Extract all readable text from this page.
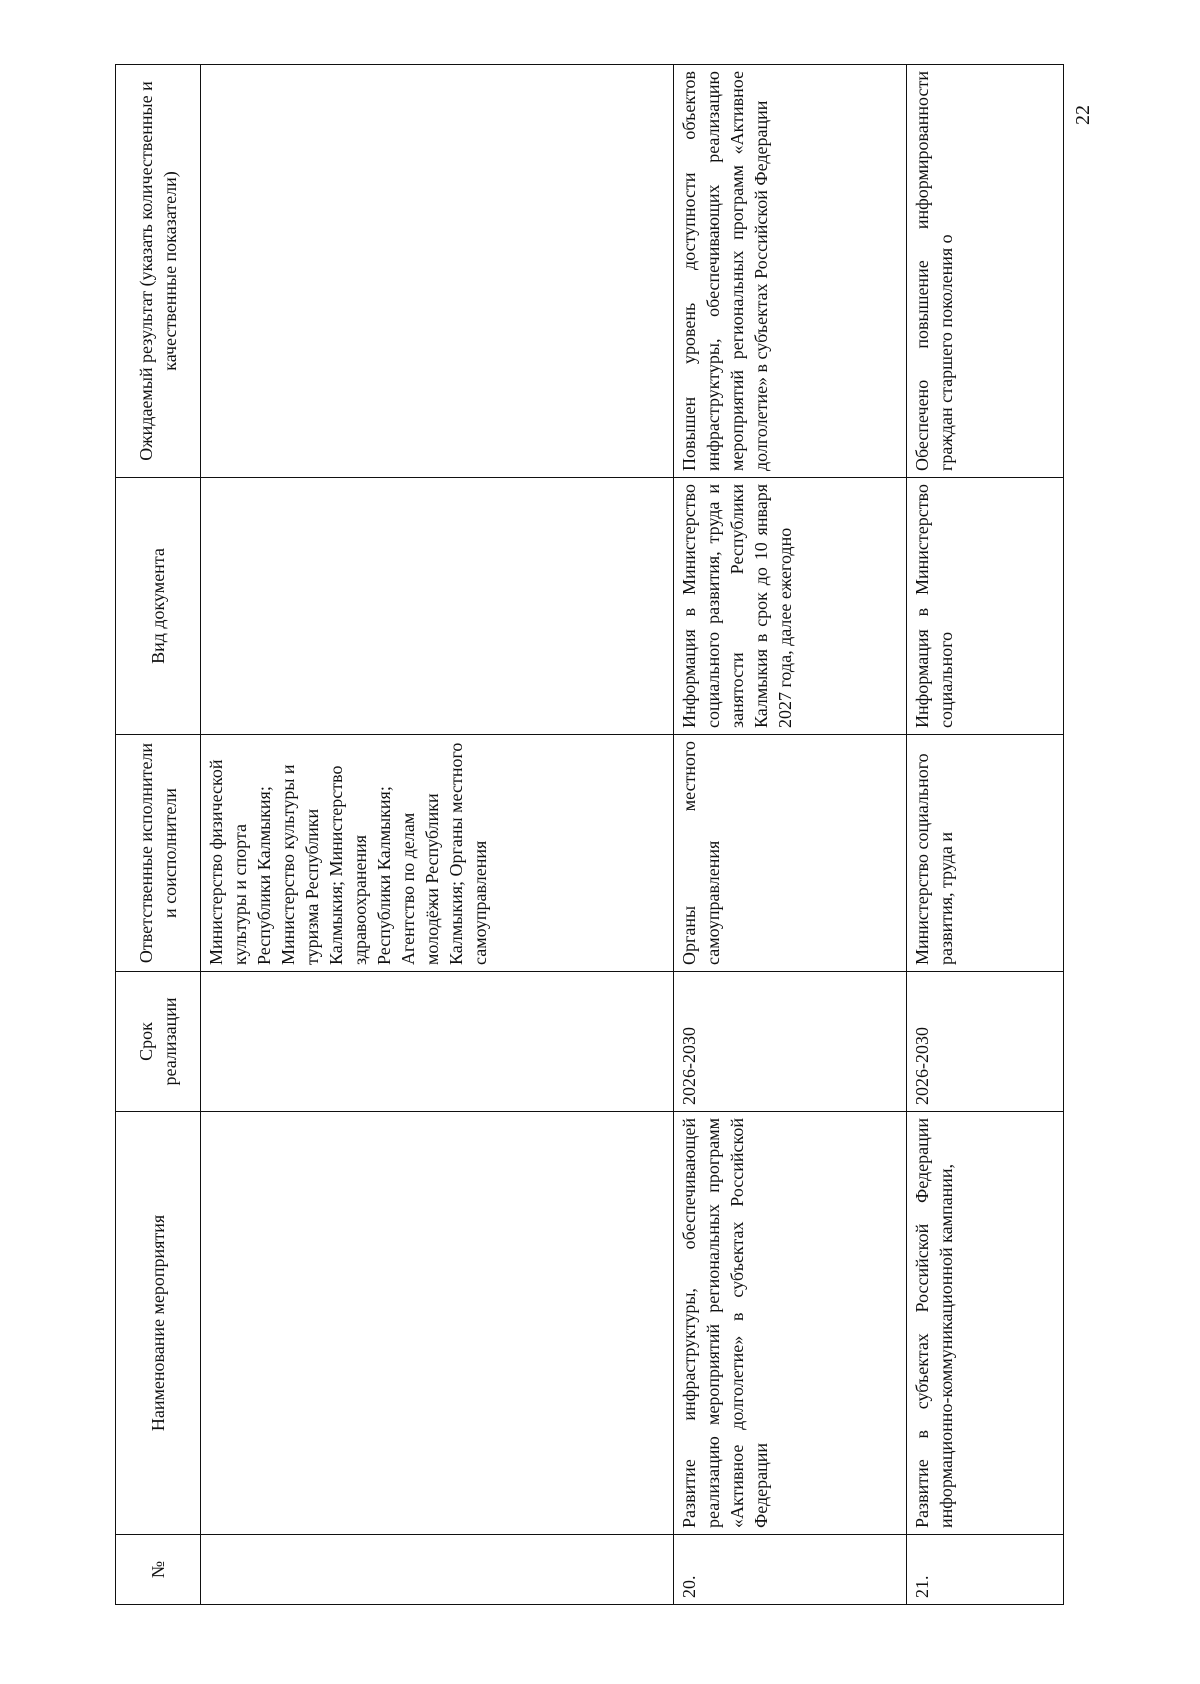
№	Наименование мероприятия	Срок реализации	Ответственные исполнители и соисполнители	Вид документа	Ожидаемый результат (указать количественные и качественные показатели)
			Министерство физической культуры и спорта Республики Калмыкия; Министерство культуры и туризма Республики Калмыкия; Министерство здравоохранения Республики Калмыкия; Агентство по делам молодёжи Республики Калмыкия; Органы местного самоуправления		
20.	Развитие инфраструктуры, обеспечивающей реализацию мероприятий региональных программ «Активное долголетие» в субъектах Российской Федерации	2026-2030	Органы местного самоуправления	Информация в Министерство социального развития, труда и занятости Республики Калмыкия в срок до 10 января 2027 года, далее ежегодно	Повышен уровень доступности объектов инфраструктуры, обеспечивающих реализацию мероприятий региональных программ «Активное долголетие» в субъектах Российской Федерации
21.	Развитие в субъектах Российской Федерации информационно-коммуникационной кампании,	2026-2030	Министерство социального развития, труда и	Информация в Министерство социального	Обеспечено повышение информированности граждан старшего поколения о
22
